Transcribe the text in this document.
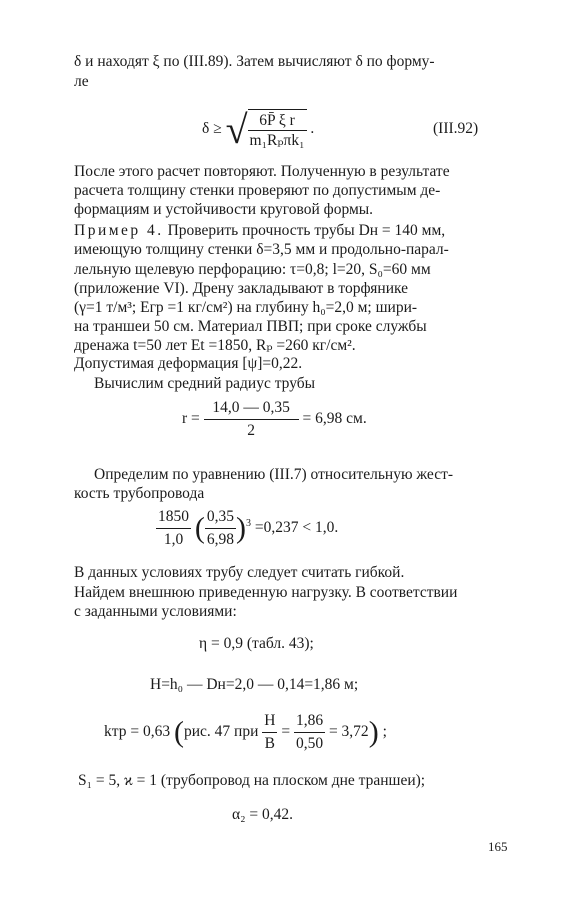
δ и находят ξ по (III.89). Затем вычисляют δ по форму-
ле
δ ≥ √ $\frac{\text{6P̄ ξ r}}{\text{m₁Rₚπk₁}}$ .	(III.92)
После этого расчет повторяют. Полученную в результате
расчета толщину стенки проверяют по допустимым де-
формациям и устойчивости круговой формы.
Пример 4. Проверить прочность трубы Dн = 140 мм,
имеющую толщину стенки δ=3,5 мм и продольно-парал-
лельную щелевую перфорацию: τ=0,8; l=20, S₀=60 мм
(приложение VI). Дрену закладывают в торфянике
(γ=1 т/м³; Eгр =1 кг/см²) на глубину h₀=2,0 м; шири-
на траншеи 50 см. Материал ПВП; при сроке службы
дренажа t=50 лет Et =1850, Rₚ =260 кг/см².
Допустимая деформация [ψ]=0,22.
Вычислим средний радиус трубы
$r = \frac{14,0 — 0,35}{2} = 6,98$ см.
Определим по уравнению (III.7) относительную жест-
кость трубопровода
$\frac{1850}{1,0}$ ( $\frac{0,35}{6,98} )^3 =0,237 < 1,0$.
В данных условиях трубу следует считать гибкой.
Найдем внешнюю приведенную нагрузку. В соответствии
с заданными условиями:
η = 0,9 (табл. 43);
H=h₀ — Dн=2,0 — 0,14=1,86 м;
kтр = 0,63 (рис. 47 при $\frac{H}{B} = \frac{1,86}{0,50} = 3,72$) ;
S₁ = 5, ϰ = 1 (трубопровод на плоском дне траншеи);
α₂ = 0,42.
165
